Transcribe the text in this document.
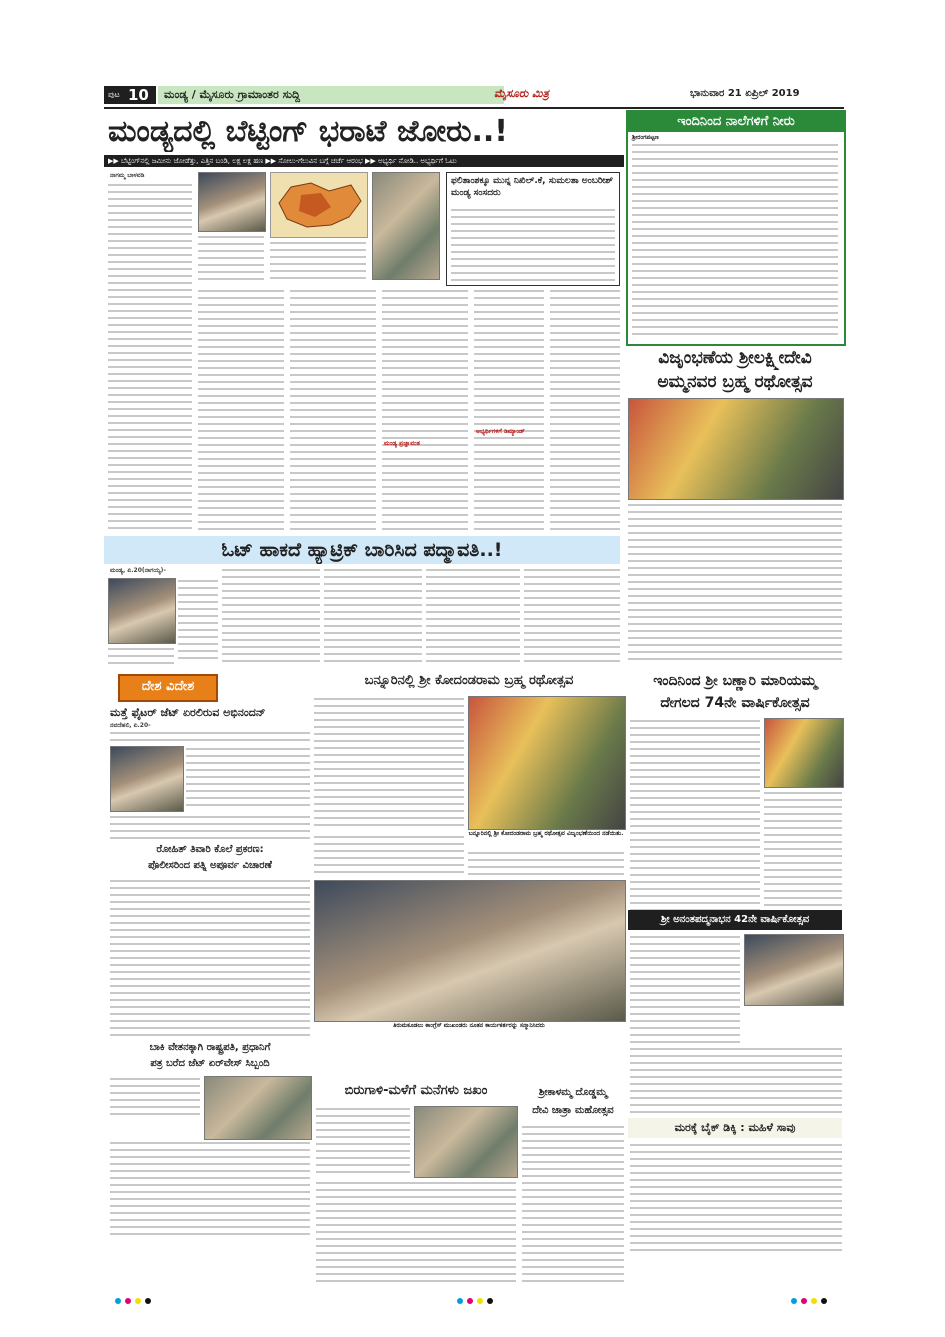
ಪುಟ 10 ಮಂಡ್ಯ / ಮೈಸೂರು ಗ್ರಾಮಾಂತರ ಸುದ್ದಿ	ಮೈಸೂರು ಮಿತ್ರ	ಭಾನುವಾರ 21 ಏಪ್ರಿಲ್ 2019
ಮಂಡ್ಯದಲ್ಲಿ ಬೆಟ್ಟಿಂಗ್ ಭರಾಟೆ ಜೋರು..!
▶▶ ಬೆಟ್ಟಿಂಗ್‌ನಲ್ಲಿ ಜಮೀನು ಜೋಡೆತ್ತು, ಎತ್ತಿನ ಬಂಡಿ, ಲಕ್ಷ ಲಕ್ಷ ಹಣ ▶▶ ಸೋಲು-ಗೆಲುವಿನ ಬಗ್ಗೆ ಚರ್ಚೆ ಆರಂಭ ▶▶ ಅಭ್ಯರ್ಥಿ ನೋಡಿ.. ಅಭ್ಯರ್ಥಿಗೆ ಓಟು
ನಾಗಮ್ಮ ಬಾಳವಡಿ
ಮಂಡ್ಯ ಪ್ರಜ್ಞಾವಂತ
ಫಲಿತಾಂಶಕ್ಕೂ ಮುನ್ನ ನಿಖಿಲ್.ಕೆ, ಸುಮಲತಾ ಅಂಬರೀಶ್ ಮಂಡ್ಯ ಸಂಸದರು
ಅಭ್ಯರ್ಥಿಗಳಿಗೆ ಡಿಮ್ಯಾಂಡ್
ಇಂದಿನಿಂದ ನಾಲೆಗಳಿಗೆ ನೀರು
ಶ್ರೀರಂಗಪಟ್ಟಣ
ವಿಜೃಂಭಣೆಯ ಶ್ರೀಲಕ್ಷ್ಮೀದೇವಿ
ಅಮ್ಮನವರ ಬ್ರಹ್ಮ ರಥೋತ್ಸವ
ಓಟ್ ಹಾಕದೆ ಹ್ಯಾಟ್ರಿಕ್ ಬಾರಿಸಿದ ಪದ್ಮಾವತಿ..!
ಮಂಡ್ಯ, ಏ.20(ನಾಗಯ್ಯ)-
ದೇಶ ವಿದೇಶ
ಮತ್ತೆ ಫೈಟರ್ ಜೆಟ್ ಏರಲಿರುವ ಅಭಿನಂದನ್
ನವದೆಹಲಿ, ಏ.20-
ರೋಹಿತ್ ತಿವಾರಿ ಕೊಲೆ ಪ್ರಕರಣ:
ಪೊಲೀಸರಿಂದ ಪತ್ನಿ ಅಪೂರ್ವ ವಿಚಾರಣೆ
ಬಾಕಿ ವೇತನಕ್ಕಾಗಿ ರಾಷ್ಟ್ರಪತಿ, ಪ್ರಧಾನಿಗೆ
ಪತ್ರ ಬರೆದ ಜೆಟ್ ಏರ್‌ವೇಸ್ ಸಿಬ್ಬಂದಿ
ಬನ್ನೂರಿನಲ್ಲಿ ಶ್ರೀ ಕೋದಂಡರಾಮ ಬ್ರಹ್ಮ ರಥೋತ್ಸವ
ಬನ್ನೂರಿನಲ್ಲಿ ಶ್ರೀ ಕೋದಂಡರಾಮ ಬ್ರಹ್ಮ ರಥೋತ್ಸವ ವಿಜೃಂಭಣೆಯಿಂದ ನಡೆಯಿತು.
ತಿರುಮಕೂಡಲು ಕಾಂಗ್ರೆಸ್ ಮುಖಂಡರು ನೂತನ ಕಾರ್ಯಕರ್ತರನ್ನು ಸನ್ಮಾನಿಸಿದರು
ಬಿರುಗಾಳಿ-ಮಳೆಗೆ ಮನೆಗಳು ಜಖಂ	ಶ್ರೀಕಾಳಮ್ಮ ದೊಡ್ಡಮ್ಮ
ದೇವಿ ಜಾತ್ರಾ ಮಹೋತ್ಸವ
ಇಂದಿನಿಂದ ಶ್ರೀ ಬಣ್ಣಾರಿ ಮಾರಿಯಮ್ಮ
ದೇಗಲದ 74ನೇ ವಾರ್ಷಿಕೋತ್ಸವ
ಶ್ರೀ ಅನಂತಪದ್ಮನಾಭನ 42ನೇ ವಾರ್ಷಿಕೋತ್ಸವ
ಮರಕ್ಕೆ ಬೈಕ್ ಡಿಕ್ಕಿ : ಮಹಿಳೆ ಸಾವು
